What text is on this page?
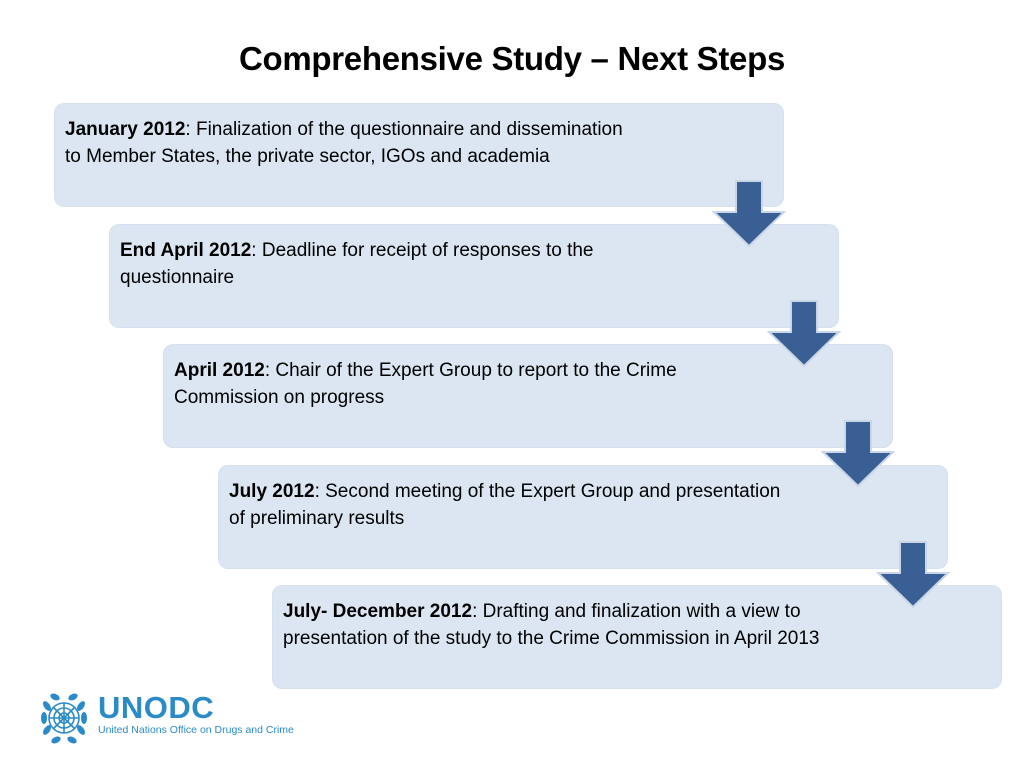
Comprehensive Study – Next Steps
January 2012: Finalization of the questionnaire and dissemination to Member States, the private sector, IGOs and academia
End April 2012: Deadline for receipt of responses to the questionnaire
April 2012: Chair of the Expert Group to report to the Crime Commission on progress
July 2012: Second meeting of the Expert Group and presentation of preliminary results
July- December 2012: Drafting and finalization with a view to presentation of the study to the Crime Commission in April 2013
UNODC
United Nations Office on Drugs and Crime
